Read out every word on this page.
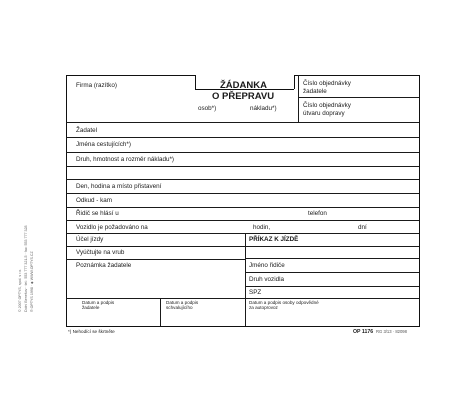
© 2007 OPTYS, spol. s r.o. Dolní Benešov · tel.: 553 777 321-5 · fax: 553 777 328 ® OPTYS 1998 · ◆ WWW.OPTYS.CZ
Firma (razítko)	ŽÁDANKA
O PŘEPRAVU
osob*)	nákladu*)
Číslo objednávky
žadatele
Číslo objednávky
útvaru dopravy
Žadatel
Jména cestujících*)
Druh, hmotnost a rozměr nákladu*)
Den, hodina a místo přistavení
Odkud - kam
Řidič se hlásí u	telefon
Vozidlo je požadováno na	hodin,	dní
Účel jízdy
Vyúčtujte na vrub
Poznámka žadatele
PŘÍKAZ K JÍZDĚ
Jméno řidiče
Druh vozidla
SPZ
Datum a podpis
žadatele
Datum a podpis
schvalujícího
Datum a podpis osoby odpovědné
za autoprovoz
*) Nehodící se škrtněte	OP 1176 RG 3/13 · 82098
